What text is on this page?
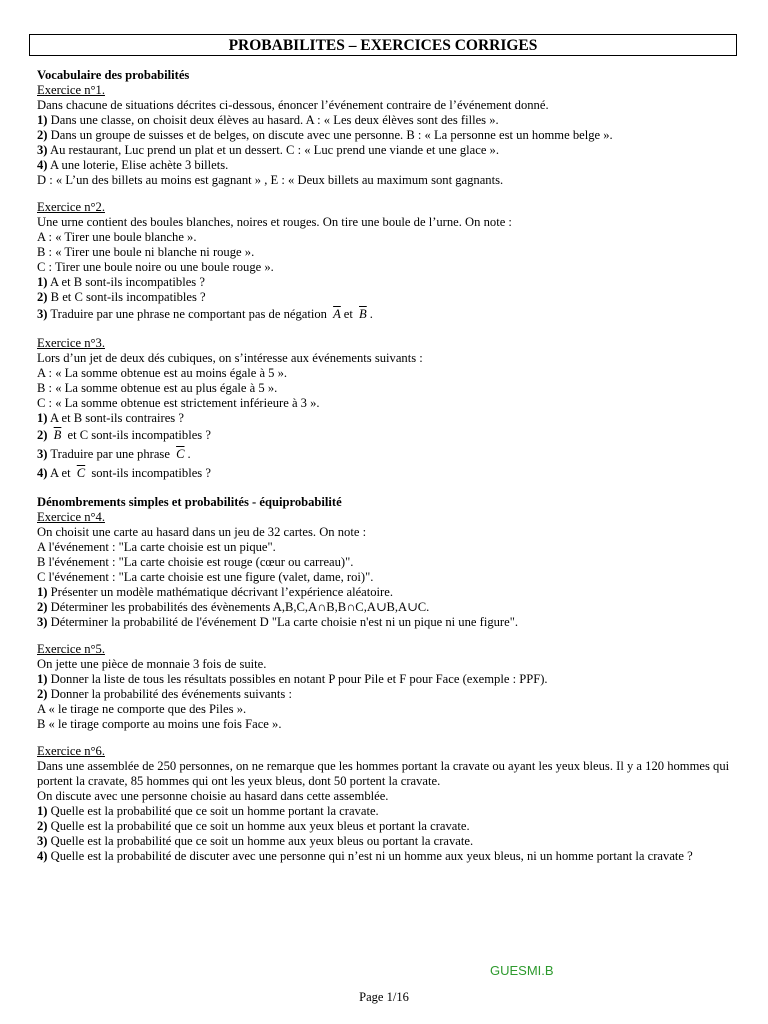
PROBABILITES – EXERCICES CORRIGES
Vocabulaire des probabilités
Exercice n°1.
Dans chacune de situations décrites ci-dessous, énoncer l’événement contraire de l’événement donné.
1) Dans une classe, on choisit deux élèves au hasard. A : « Les deux élèves sont des filles ».
2) Dans un groupe de suisses et de belges, on discute avec une personne. B : « La personne est un homme belge ».
3) Au restaurant, Luc prend un plat et un dessert. C : « Luc prend une viande et une glace ».
4) A une loterie, Elise achète 3 billets.
D : « L’un des billets au moins est gagnant » , E : « Deux billets au maximum sont gagnants.
Exercice n°2.
Une urne contient des boules blanches, noires et rouges. On tire une boule de l’urne. On note :
A : « Tirer une boule blanche ».
B : « Tirer une boule ni blanche ni rouge ».
C : Tirer une boule noire ou une boule rouge ».
1) A et B sont-ils incompatibles ?
2) B et C sont-ils incompatibles ?
3) Traduire par une phrase ne comportant pas de négation $\overline{A}$ et $\overline{B}$ .
Exercice n°3.
Lors d’un jet de deux dés cubiques, on s’intéresse aux événements suivants :
A : « La somme obtenue est au moins égale à 5 ».
B : « La somme obtenue est au plus égale à 5 ».
C : « La somme obtenue est strictement inférieure à 3 ».
1) A et B sont-ils contraires ?
2) $\overline{B}$ et C sont-ils incompatibles ?
3) Traduire par une phrase $\overline{C}$ .
4) A et $\overline{C}$ sont-ils incompatibles ?
Dénombrements simples et probabilités - équiprobabilité
Exercice n°4.
On choisit une carte au hasard dans un jeu de 32 cartes. On note :
A l'événement : "La carte choisie est un pique".
B l'événement : "La carte choisie est rouge (cœur ou carreau)".
C l'événement : "La carte choisie est une figure (valet, dame, roi)".
1) Présenter un modèle mathématique décrivant l’expérience aléatoire.
2) Déterminer les probabilités des évènements A,B,C,A∩B,B∩C,A∪B,A∪C.
3) Déterminer la probabilité de l'événement D "La carte choisie n'est ni un pique ni une figure".
Exercice n°5.
On jette une pièce de monnaie 3 fois de suite.
1) Donner la liste de tous les résultats possibles en notant P pour Pile et F pour Face (exemple : PPF).
2) Donner la probabilité des événements suivants :
A « le tirage ne comporte que des Piles ».
B « le tirage comporte au moins une fois Face ».
Exercice n°6.
Dans une assemblée de 250 personnes, on ne remarque que les hommes portant la cravate ou ayant les yeux bleus. Il y a 120 hommes qui portent la cravate, 85 hommes qui ont les yeux bleus, dont 50 portent la cravate.
On discute avec une personne choisie au hasard dans cette assemblée.
1) Quelle est la probabilité que ce soit un homme portant la cravate.
2) Quelle est la probabilité que ce soit un homme aux yeux bleus et portant la cravate.
3) Quelle est la probabilité que ce soit un homme aux yeux bleus ou portant la cravate.
4) Quelle est la probabilité de discuter avec une personne qui n’est ni un homme aux yeux bleus, ni un homme portant la cravate ?
GUESMI.B
Page 1/16
